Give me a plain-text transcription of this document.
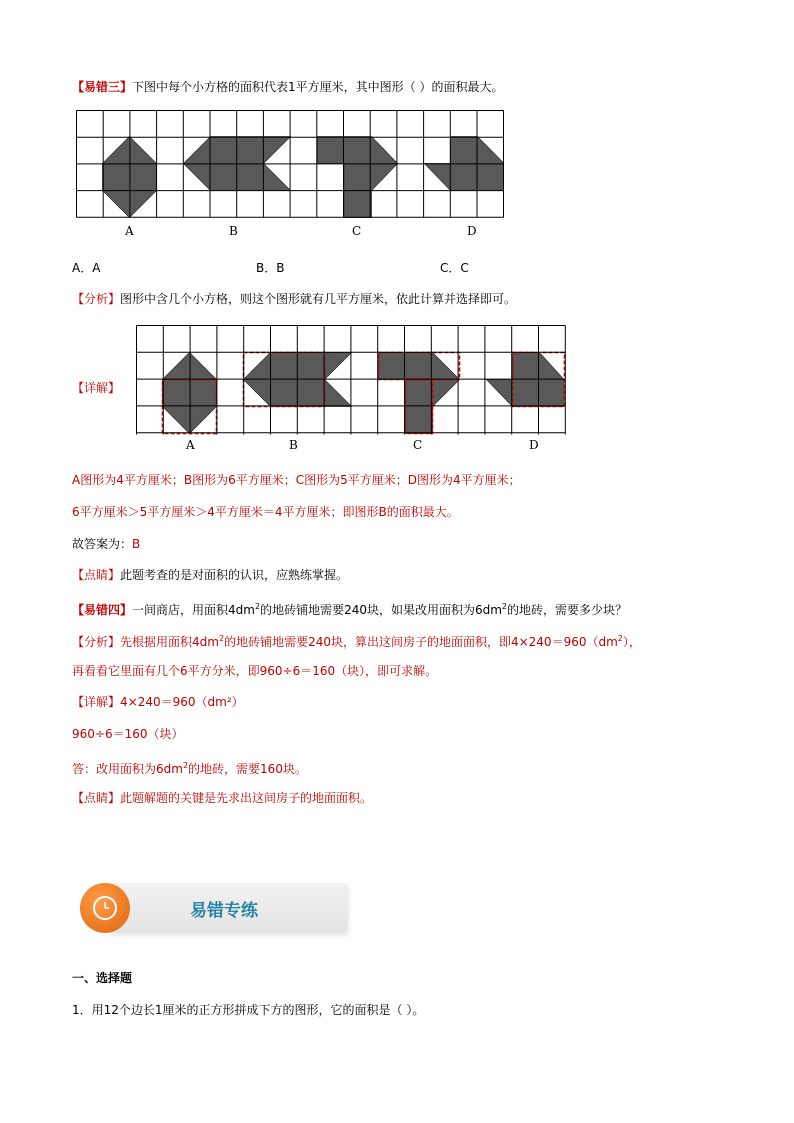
【易错三】下图中每个小方格的面积代表1平方厘米，其中图形（ ）的面积最大。
A	B	C	D
A．A	B．B	C．C
【分析】图形中含几个小方格，则这个图形就有几平方厘米，依此计算并选择即可。
【详解】
A	B	C	D
A图形为4平方厘米；B图形为6平方厘米；C图形为5平方厘米；D图形为4平方厘米；
6平方厘米＞5平方厘米＞4平方厘米＝4平方厘米；即图形B的面积最大。
故答案为：B
【点睛】此题考查的是对面积的认识，应熟练掌握。
【易错四】一间商店，用面积$4dm^2$的地砖铺地需要240块，如果改用面积为$6dm^2$的地砖，需要多少块？
【分析】先根据用面积$4dm^2$的地砖铺地需要240块，算出这间房子的地面面积，即$4\times 240=960(dm^2)$，
再看看它里面有几个6平方分米，即960÷6＝160（块），即可求解。
【详解】4×240＝960（dm²）
960÷6＝160（块）
答：改用面积为$6dm^2$的地砖，需要160块。
【点睛】此题解题的关键是先求出这间房子的地面面积。
易错专练
一、选择题
1．用12个边长1厘米的正方形拼成下方的图形，它的面积是（ ）。
